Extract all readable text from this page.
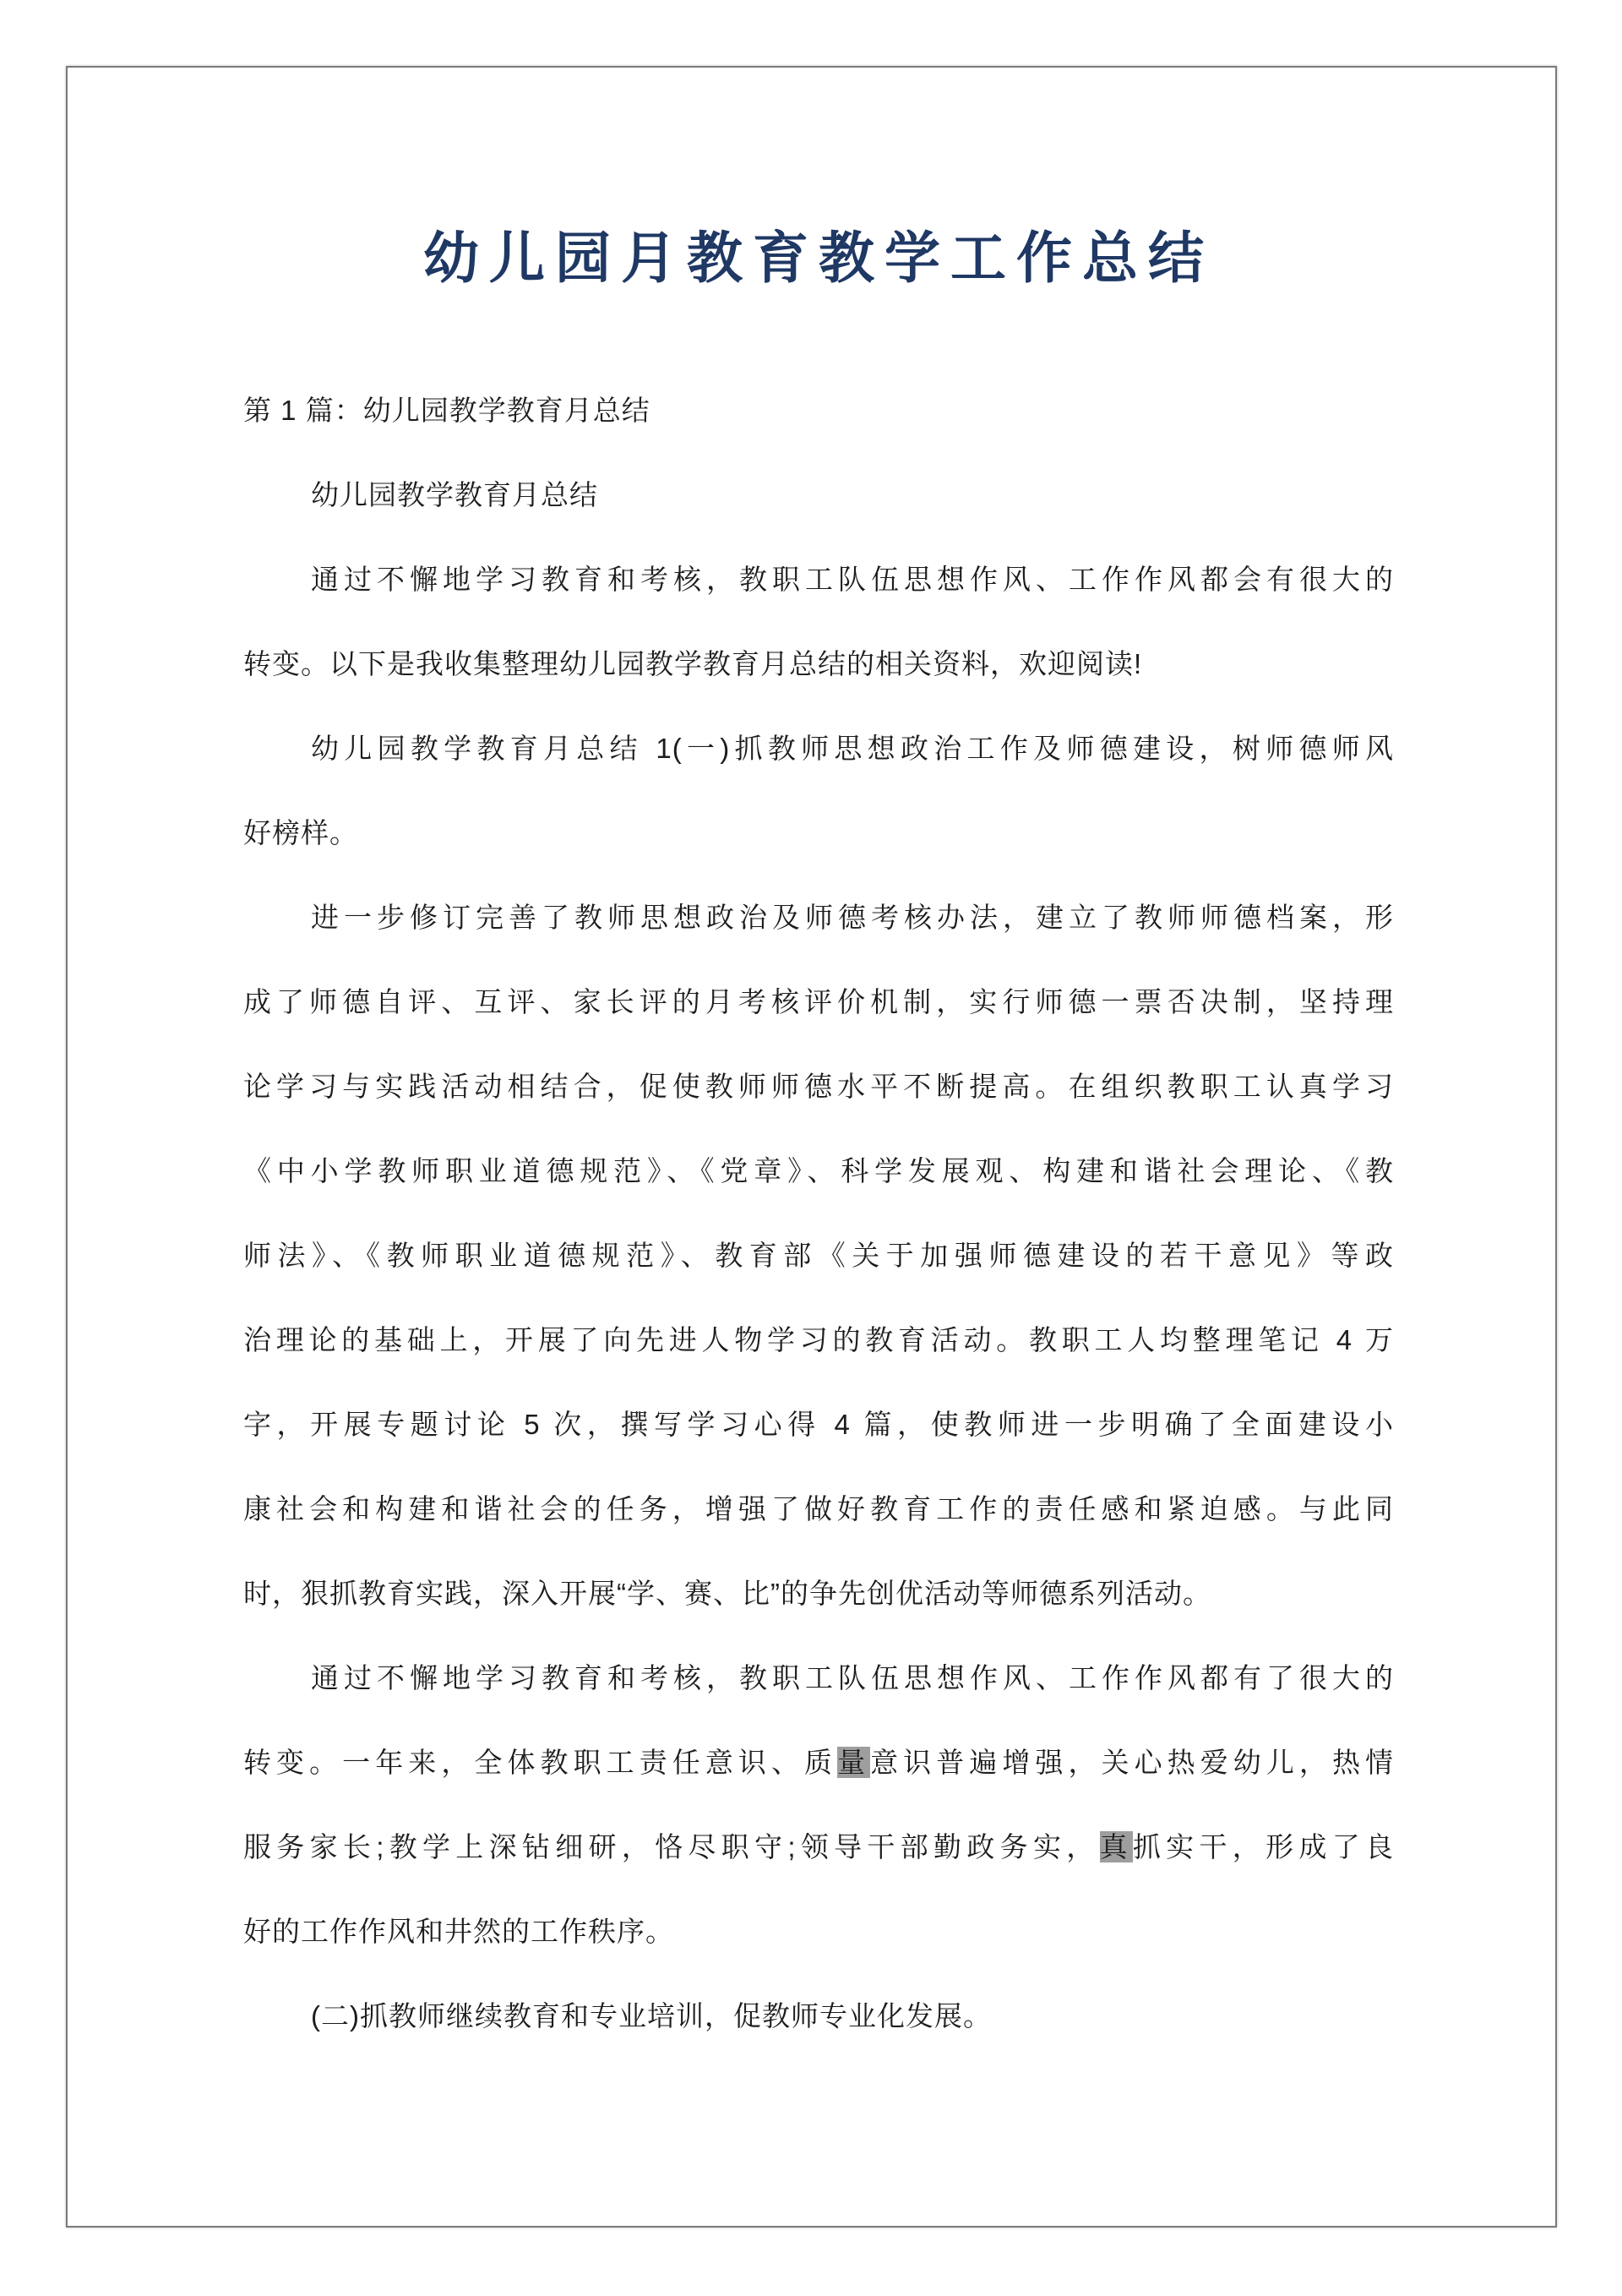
幼儿园月教育教学工作总结
第 1 篇：幼儿园教学教育月总结
幼儿园教学教育月总结
通过不懈地学习教育和考核，教职工队伍思想作风、工作作风都会有很大的
转变。以下是我收集整理幼儿园教学教育月总结的相关资料，欢迎阅读!
幼儿园教学教育月总结 1(一)抓教师思想政治工作及师德建设，树师德师风
好榜样。
进一步修订完善了教师思想政治及师德考核办法，建立了教师师德档案，形
成了师德自评、互评、家长评的月考核评价机制，实行师德一票否决制，坚持理
论学习与实践活动相结合，促使教师师德水平不断提高。在组织教职工认真学习
《中小学教师职业道德规范》、《党章》、科学发展观、构建和谐社会理论、《教
师法》、《教师职业道德规范》、教育部《关于加强师德建设的若干意见》等政
治理论的基础上，开展了向先进人物学习的教育活动。教职工人均整理笔记 4 万
字，开展专题讨论 5 次，撰写学习心得 4 篇，使教师进一步明确了全面建设小
康社会和构建和谐社会的任务，增强了做好教育工作的责任感和紧迫感。与此同
时，狠抓教育实践，深入开展“学、赛、比”的争先创优活动等师德系列活动。
通过不懈地学习教育和考核，教职工队伍思想作风、工作作风都有了很大的
转变。一年来，全体教职工责任意识、质量意识普遍增强，关心热爱幼儿，热情
服务家长;教学上深钻细研，恪尽职守;领导干部勤政务实，真抓实干，形成了良
好的工作作风和井然的工作秩序。
(二)抓教师继续教育和专业培训，促教师专业化发展。
